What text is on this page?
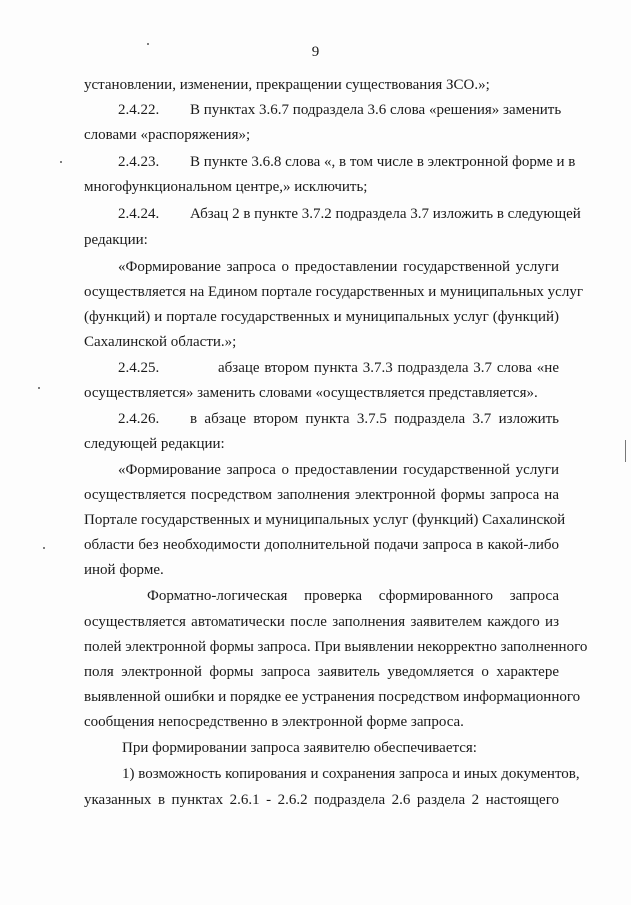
9
установлении, изменении, прекращении существования ЗСО.»;
2.4.22. В пунктах 3.6.7 подраздела 3.6 слова «решения» заменить
словами «распоряжения»;
2.4.23. В пункте 3.6.8 слова «, в том числе в электронной форме и в
многофункциональном центре,» исключить;
2.4.24. Абзац 2 в пункте 3.7.2 подраздела 3.7 изложить в следующей
редакции:
«Формирование запроса о предоставлении государственной услуги
осуществляется на Едином портале государственных и муниципальных услуг
(функций) и портале государственных и муниципальных услуг (функций)
Сахалинской области.»;
2.4.25.	абзаце втором пункта 3.7.3 подраздела 3.7 слова «не
осуществляется» заменить словами «осуществляется представляется».
2.4.26. в абзаце втором пункта 3.7.5 подраздела 3.7 изложить
следующей редакции:
«Формирование запроса о предоставлении государственной услуги
осуществляется посредством заполнения электронной формы запроса на
Портале государственных и муниципальных услуг (функций) Сахалинской
области без необходимости дополнительной подачи запроса в какой-либо
иной форме.
Форматно-логическая проверка сформированного запроса
осуществляется автоматически после заполнения заявителем каждого из
полей электронной формы запроса. При выявлении некорректно заполненного
поля электронной формы запроса заявитель уведомляется о характере
выявленной ошибки и порядке ее устранения посредством информационного
сообщения непосредственно в электронной форме запроса.
При формировании запроса заявителю обеспечивается:
1) возможность копирования и сохранения запроса и иных документов,
указанных в пунктах 2.6.1 - 2.6.2 подраздела 2.6 раздела 2 настоящего
